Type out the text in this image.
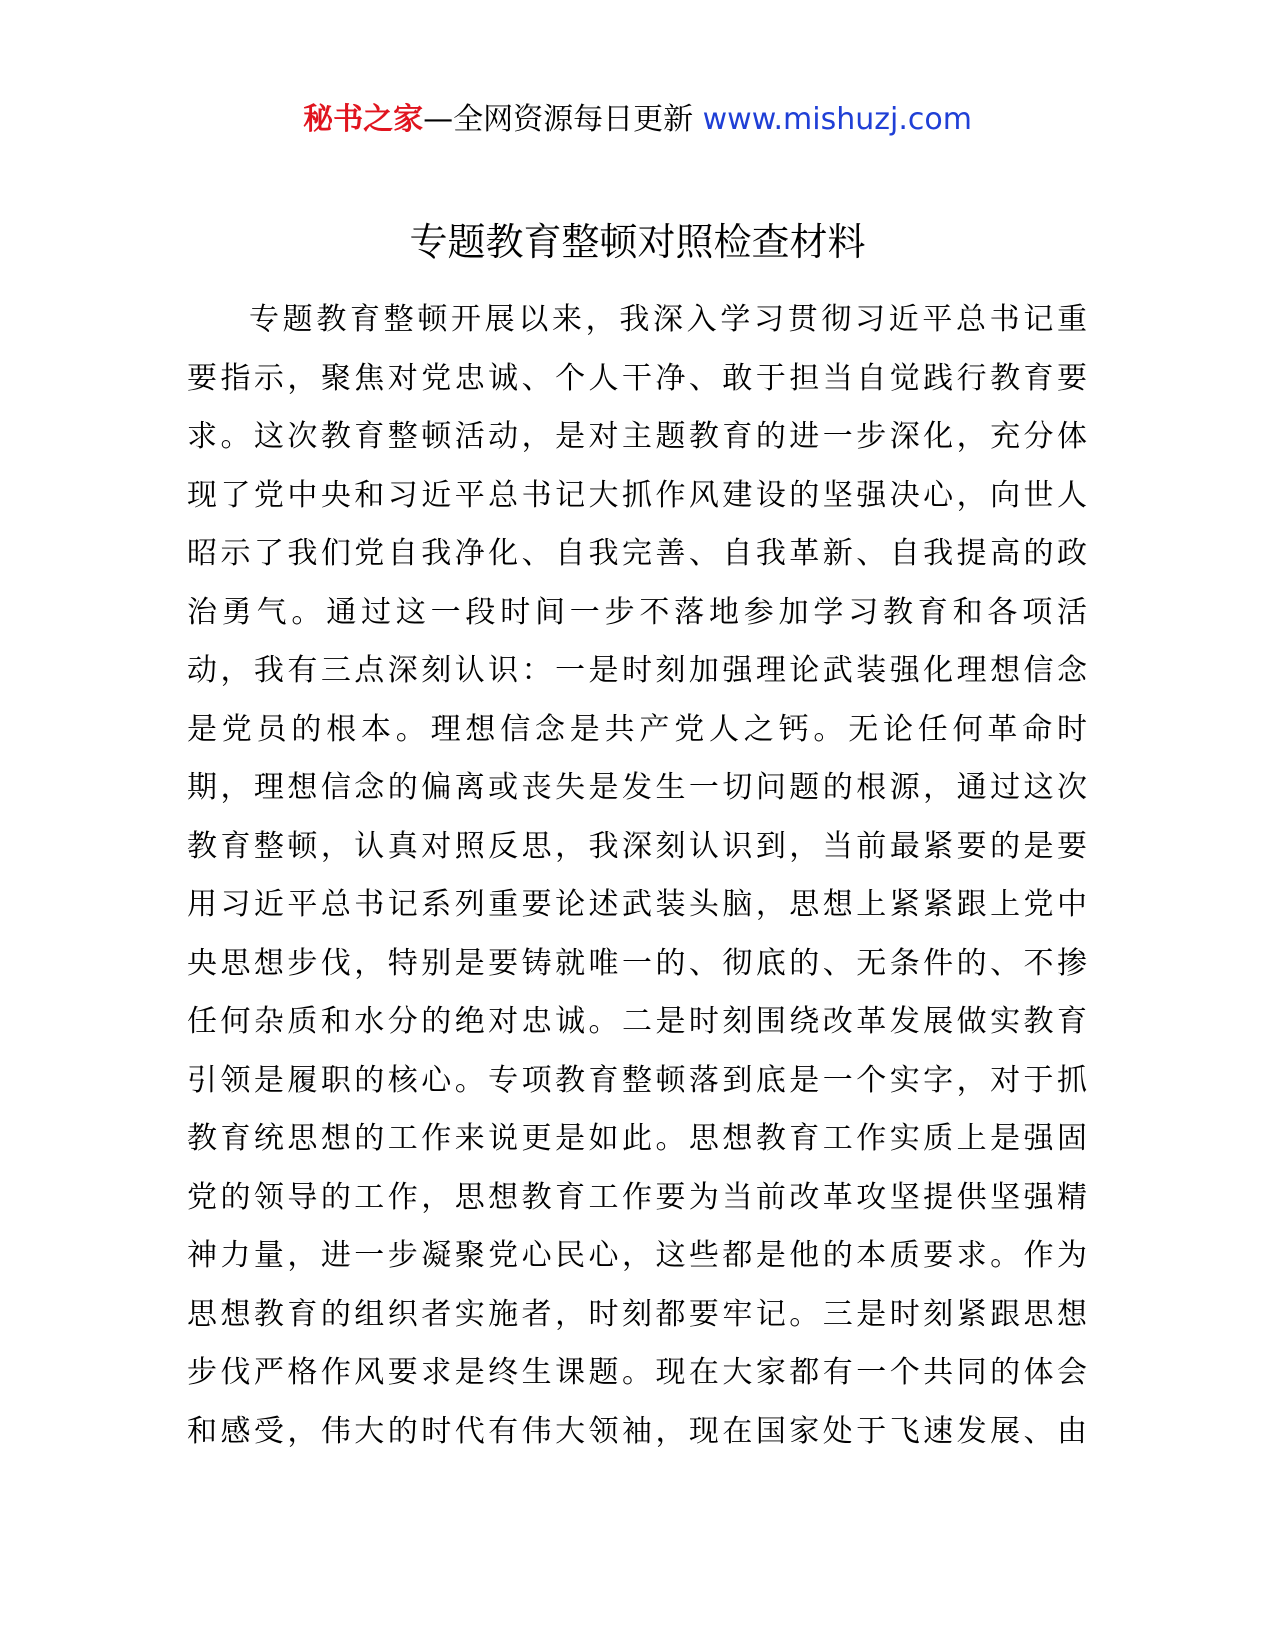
秘书之家—全网资源每日更新 www.mishuzj.com
专题教育整顿对照检查材料
专题教育整顿开展以来，我深入学习贯彻习近平总书记重
要指示，聚焦对党忠诚、个人干净、敢于担当自觉践行教育要
求。这次教育整顿活动，是对主题教育的进一步深化，充分体
现了党中央和习近平总书记大抓作风建设的坚强决心，向世人
昭示了我们党自我净化、自我完善、自我革新、自我提高的政
治勇气。通过这一段时间一步不落地参加学习教育和各项活
动，我有三点深刻认识：一是时刻加强理论武装强化理想信念
是党员的根本。理想信念是共产党人之钙。无论任何革命时
期，理想信念的偏离或丧失是发生一切问题的根源，通过这次
教育整顿，认真对照反思，我深刻认识到，当前最紧要的是要
用习近平总书记系列重要论述武装头脑，思想上紧紧跟上党中
央思想步伐，特别是要铸就唯一的、彻底的、无条件的、不掺
任何杂质和水分的绝对忠诚。二是时刻围绕改革发展做实教育
引领是履职的核心。专项教育整顿落到底是一个实字，对于抓
教育统思想的工作来说更是如此。思想教育工作实质上是强固
党的领导的工作，思想教育工作要为当前改革攻坚提供坚强精
神力量，进一步凝聚党心民心，这些都是他的本质要求。作为
思想教育的组织者实施者，时刻都要牢记。三是时刻紧跟思想
步伐严格作风要求是终生课题。现在大家都有一个共同的体会
和感受，伟大的时代有伟大领袖，现在国家处于飞速发展、由
